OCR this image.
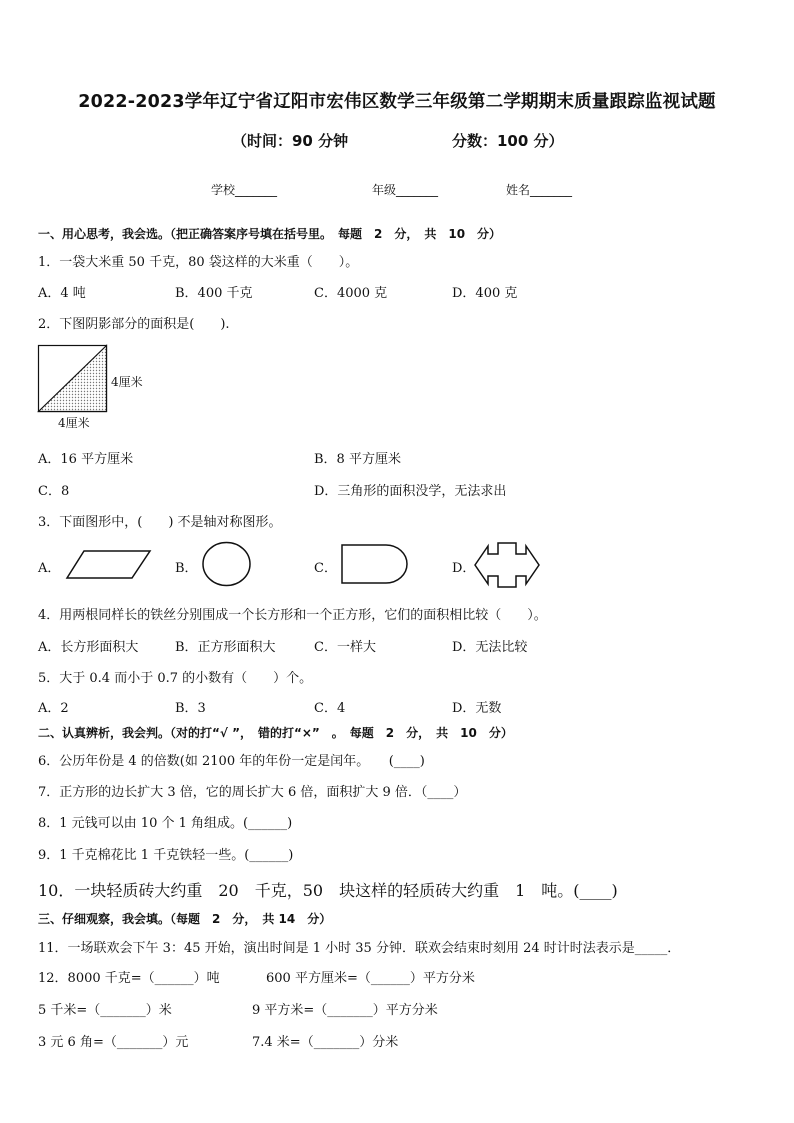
2022-2023学年辽宁省辽阳市宏伟区数学三年级第二学期期末质量跟踪监视试题
（时间：90 分钟	分数：100 分）
学校_______	年级_______	姓名_______
一、用心思考，我会选。（把正确答案序号填在括号里。　每题　2　分，　共　10　分）
1．一袋大米重 50 千克，80 袋这样的大米重（　　）。
A．4 吨	B．400 千克	C．4000 克	D．400 克
2．下图阴影部分的面积是(　　).
4厘米
4厘米
A．16 平方厘米	B．8 平方厘米
C．8	D．三角形的面积没学，无法求出
3．下面图形中，(　　) 不是轴对称图形。
A．	B．	C．	D．
4．用两根同样长的铁丝分别围成一个长方形和一个正方形，它们的面积相比较（　　）。
A．长方形面积大	B．正方形面积大	C．一样大	D．无法比较
5．大于 0.4 而小于 0.7 的小数有（　　）个。
A．2	B．3	C．4	D．无数
二、认真辨析，我会判。（对的打“√ ”，　错的打“×”　。　每题　2　分，　共　10　分）
6．公历年份是 4 的倍数(如 2100 年的年份一定是闰年。　　(____)
7．正方形的边长扩大 3 倍，它的周长扩大 6 倍，面积扩大 9 倍．（____）
8．1 元钱可以由 10 个 1 角组成。(______)
9．1 千克棉花比 1 千克铁轻一些。(______)
10．一块轻质砖大约重　20　千克，50　块这样的轻质砖大约重　1　吨。(____)
三、仔细观察，我会填。（每题　2　分，　共 14　分）
11．一场联欢会下午 3：45 开始，演出时间是 1 小时 35 分钟．联欢会结束时刻用 24 时计时法表示是_____．
12．8000 千克=（______）吨	600 平方厘米=（______）平方分米
5 千米=（_______）米	9 平方米=（_______）平方分米
3 元 6 角=（_______）元	7.4 米=（_______）分米
